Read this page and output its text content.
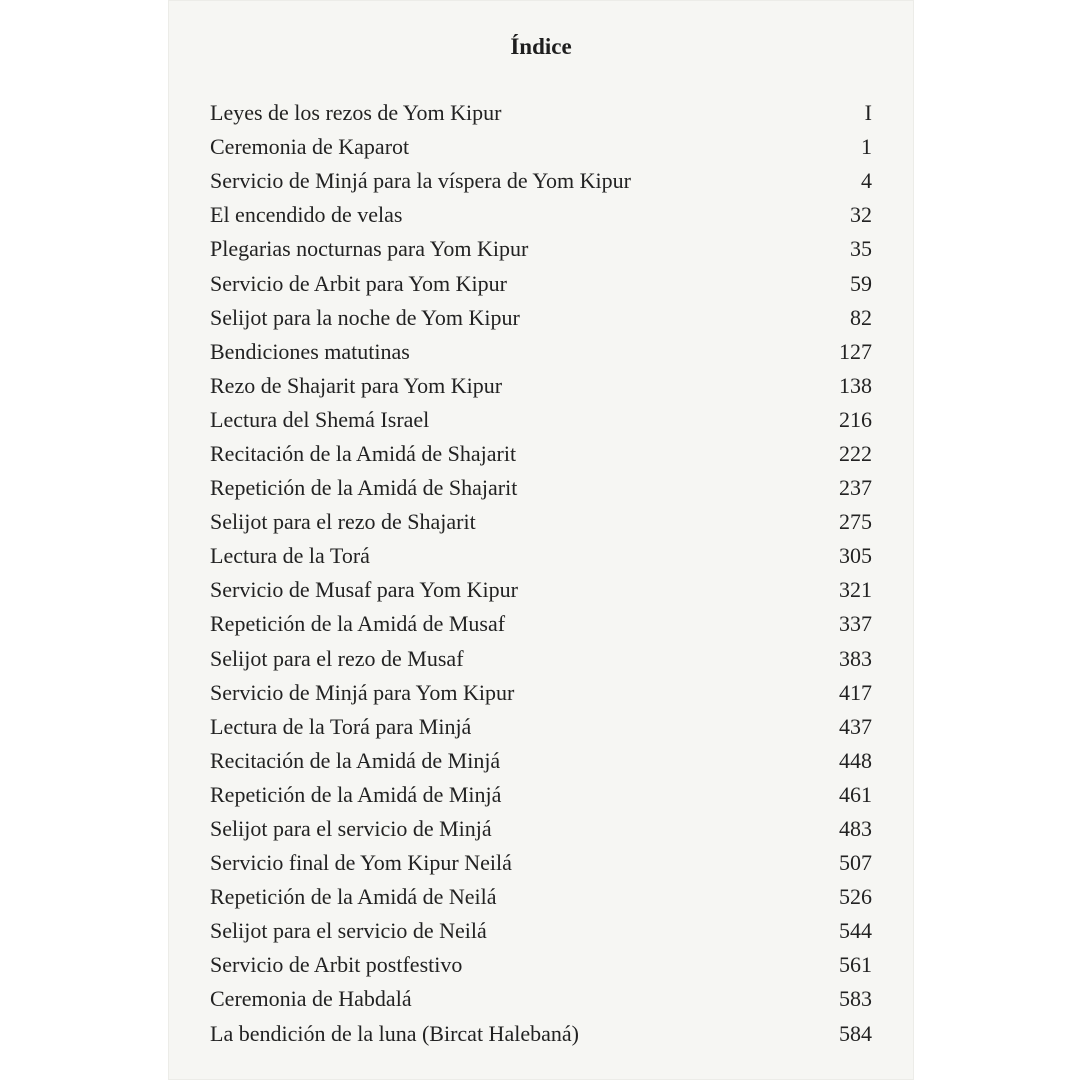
Índice
Leyes de los rezos de Yom Kipur	I
Ceremonia de Kaparot	1
Servicio de Minjá para la víspera de Yom Kipur	4
El encendido de velas	32
Plegarias nocturnas para Yom Kipur	35
Servicio de Arbit para Yom Kipur	59
Selijot para la noche de Yom Kipur	82
Bendiciones matutinas	127
Rezo de Shajarit para Yom Kipur	138
Lectura del Shemá Israel	216
Recitación de la Amidá de Shajarit	222
Repetición de la Amidá de Shajarit	237
Selijot para el rezo de Shajarit	275
Lectura de la Torá	305
Servicio de Musaf para Yom Kipur	321
Repetición de la Amidá de Musaf	337
Selijot para el rezo de Musaf	383
Servicio de Minjá para Yom Kipur	417
Lectura de la Torá para Minjá	437
Recitación de la Amidá de Minjá	448
Repetición de la Amidá de Minjá	461
Selijot para el servicio de Minjá	483
Servicio final de Yom Kipur Neilá	507
Repetición de la Amidá de Neilá	526
Selijot para el servicio de Neilá	544
Servicio de Arbit postfestivo	561
Ceremonia de Habdalá	583
La bendición de la luna (Bircat Halebaná)	584
